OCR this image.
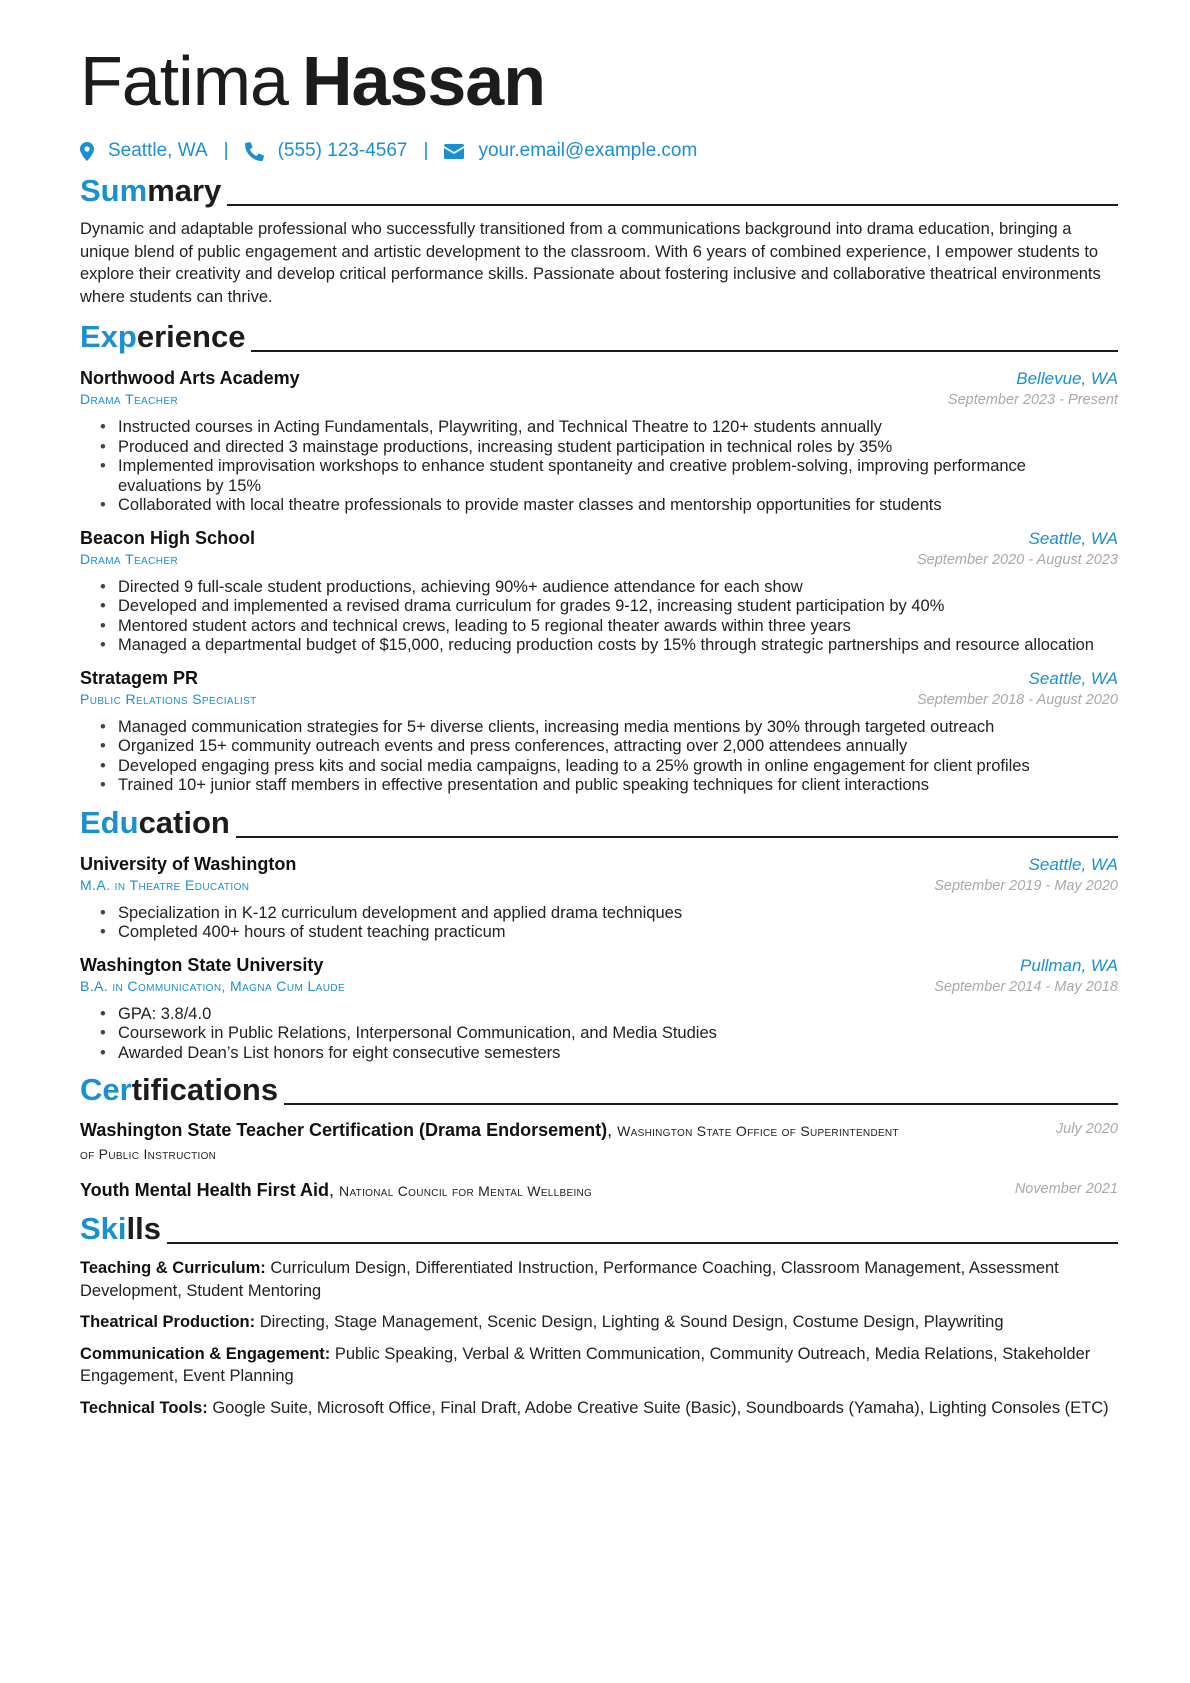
Fatima Hassan
Seattle, WA |	(555) 123-4567 |	your.email@example.com
Sum mary
Dynamic and adaptable professional who successfully transitioned from a communications background into drama education, bringing a unique blend of public engagement and artistic development to the classroom. With 6 years of combined experience, I empower students to explore their creativity and develop critical performance skills. Passionate about fostering inclusive and collaborative theatrical environments where students can thrive.
Exp erience
Northwood Arts Academy	Bellevue, WA
Drama Teacher	September 2023 - Present
• Instructed courses in Acting Fundamentals, Playwriting, and Technical Theatre to 120+ students annually
• Produced and directed 3 mainstage productions, increasing student participation in technical roles by 35%
• Implemented improvisation workshops to enhance student spontaneity and creative problem-solving, improving performance evaluations by 15%
• Collaborated with local theatre professionals to provide master classes and mentorship opportunities for students
Beacon High School	Seattle, WA
Drama Teacher	September 2020 - August 2023
• Directed 9 full-scale student productions, achieving 90%+ audience attendance for each show
• Developed and implemented a revised drama curriculum for grades 9-12, increasing student participation by 40%
• Mentored student actors and technical crews, leading to 5 regional theater awards within three years
• Managed a departmental budget of $15,000, reducing production costs by 15% through strategic partnerships and resource allocation
Stratagem PR	Seattle, WA
Public Relations Specialist	September 2018 - August 2020
• Managed communication strategies for 5+ diverse clients, increasing media mentions by 30% through targeted outreach
• Organized 15+ community outreach events and press conferences, attracting over 2,000 attendees annually
• Developed engaging press kits and social media campaigns, leading to a 25% growth in online engagement for client profiles
• Trained 10+ junior staff members in effective presentation and public speaking techniques for client interactions
Edu cation
University of Washington	Seattle, WA
M.A. in Theatre Education	September 2019 - May 2020
• Specialization in K-12 curriculum development and applied drama techniques
• Completed 400+ hours of student teaching practicum
Washington State University	Pullman, WA
B.A. in Communication, Magna Cum Laude	September 2014 - May 2018
• GPA: 3.8/4.0
• Coursework in Public Relations, Interpersonal Communication, and Media Studies
• Awarded Dean’s List honors for eight consecutive semesters
Cer tifications
Washington State Teacher Certification (Drama Endorsement), Washington State Office of Superintendent of Public Instruction
July 2020
Youth Mental Health First Aid, National Council for Mental Wellbeing	November 2021
Ski lls
Teaching & Curriculum: Curriculum Design, Differentiated Instruction, Performance Coaching, Classroom Management, Assessment Development, Student Mentoring
Theatrical Production: Directing, Stage Management, Scenic Design, Lighting & Sound Design, Costume Design, Playwriting
Communication & Engagement: Public Speaking, Verbal & Written Communication, Community Outreach, Media Relations, Stakeholder Engagement, Event Planning
Technical Tools: Google Suite, Microsoft Office, Final Draft, Adobe Creative Suite (Basic), Soundboards (Yamaha), Lighting Consoles (ETC)
